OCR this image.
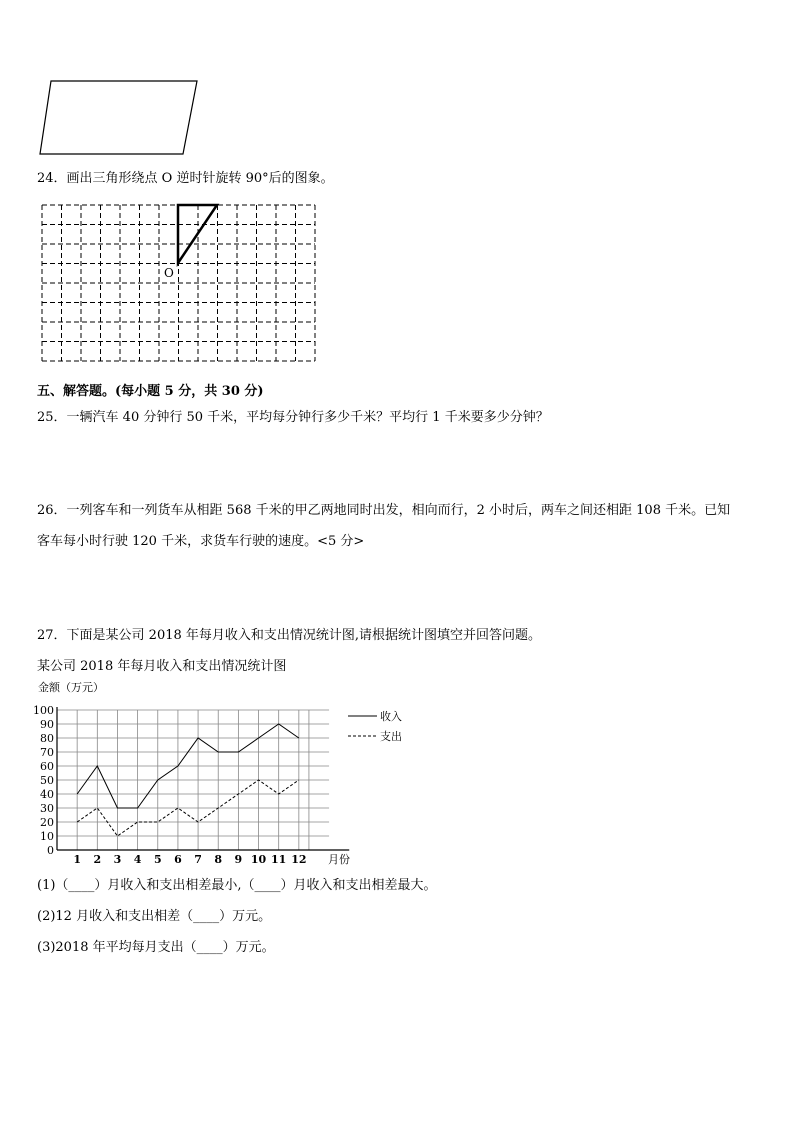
24．画出三角形绕点 O 逆时针旋转 90°后的图象。
O
五、解答题。(每小题 5 分，共 30 分)
25．一辆汽车 40 分钟行 50 千米，平均每分钟行多少千米？平均行 1 千米要多少分钟？
26．一列客车和一列货车从相距 568 千米的甲乙两地同时出发，相向而行，2 小时后，两车之间还相距 108 千米。已知
客车每小时行驶 120 千米，求货车行驶的速度。<5 分>
27．下面是某公司 2018 年每月收入和支出情况统计图,请根据统计图填空并回答问题。
某公司 2018 年每月收入和支出情况统计图
金额（万元）
0
10
20
30
40
50
60
70
80
90
100
1 2 3 4 5 6 7 8 9 10 11 12 月份
收入
支出
(1)（____）月收入和支出相差最小,（____）月收入和支出相差最大。
(2)12 月收入和支出相差（____）万元。
(3)2018 年平均每月支出（____）万元。
